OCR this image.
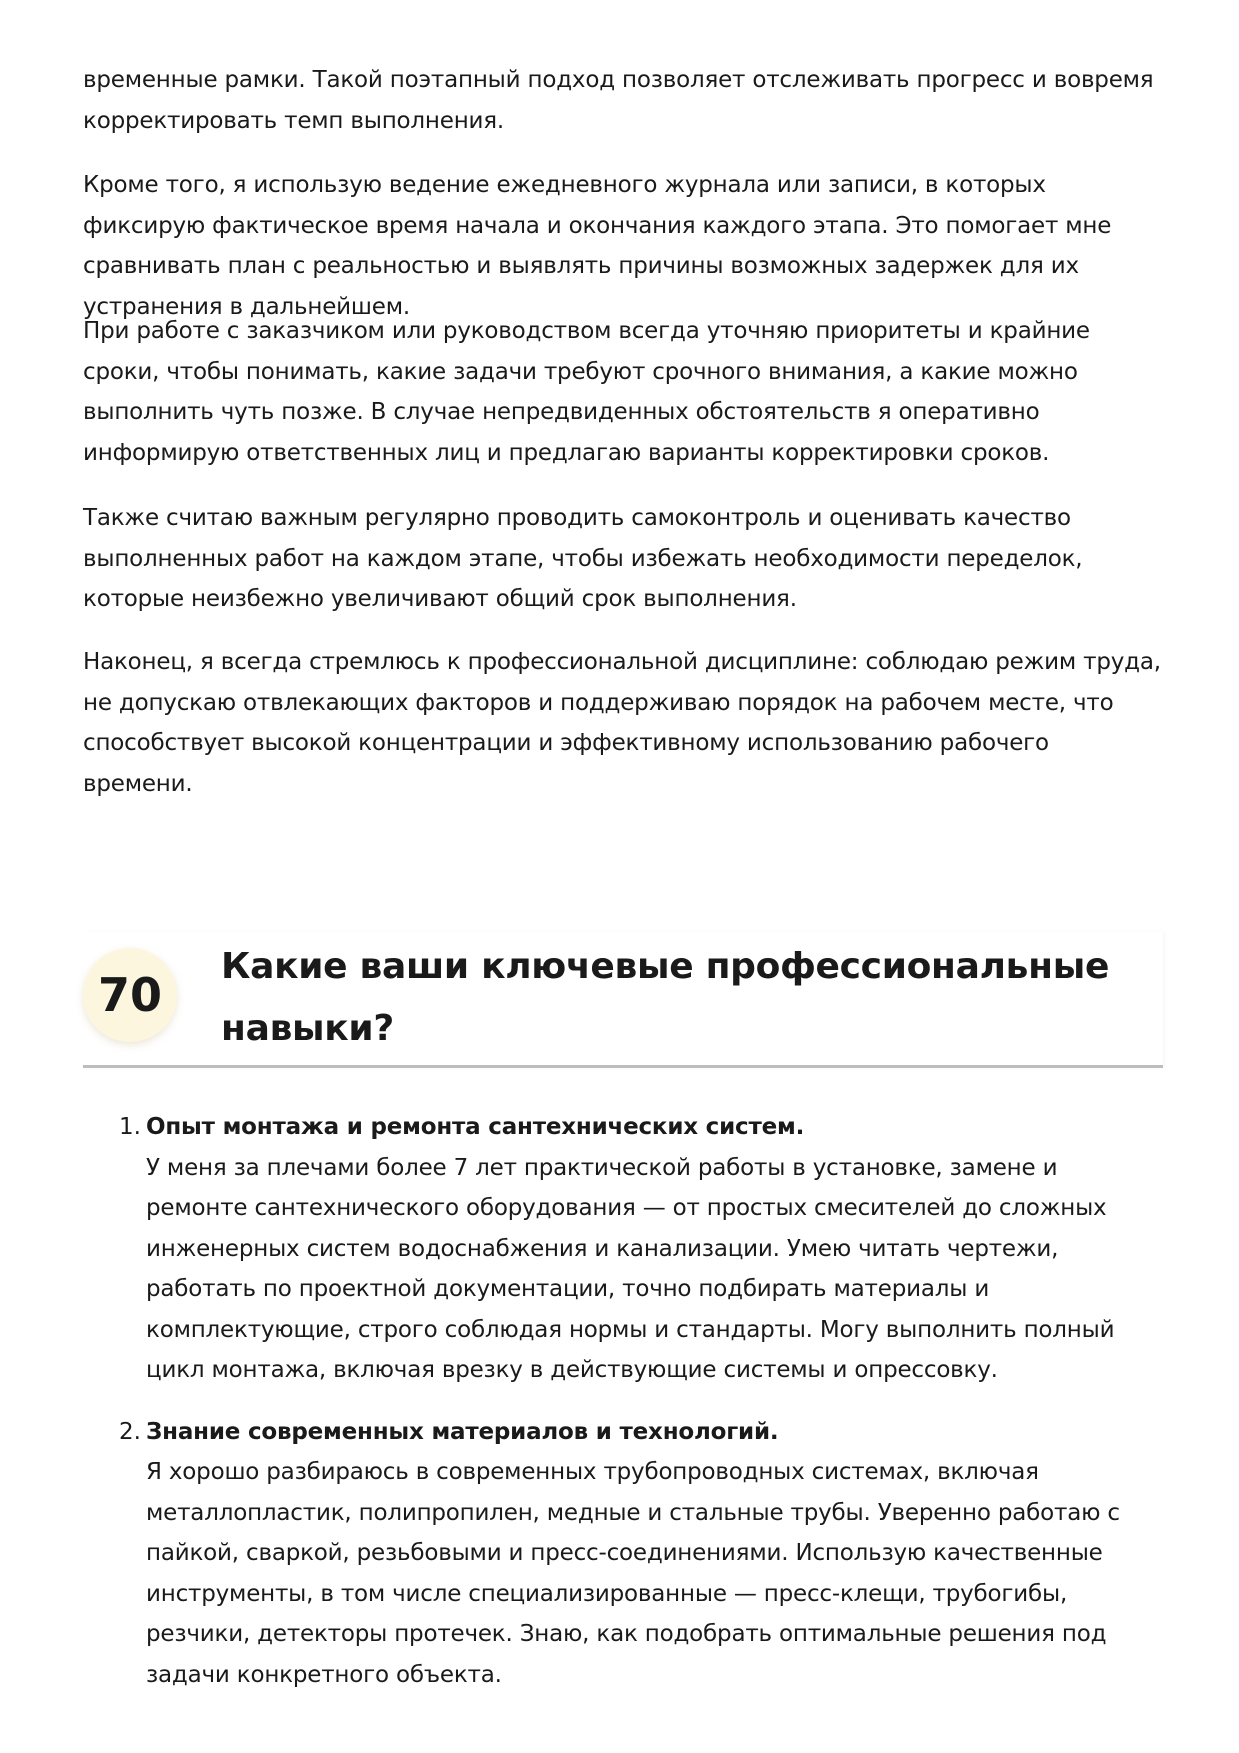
временные рамки. Такой поэтапный подход позволяет отслеживать прогресс и вовремя корректировать темп выполнения.

Кроме того, я использую ведение ежедневного журнала или записи, в которых фиксирую фактическое время начала и окончания каждого этапа. Это помогает мне сравнивать план с реальностью и выявлять причины возможных задержек для их устранения в дальнейшем.

При работе с заказчиком или руководством всегда уточняю приоритеты и крайние сроки, чтобы понимать, какие задачи требуют срочного внимания, а какие можно выполнить чуть позже. В случае непредвиденных обстоятельств я оперативно информирую ответственных лиц и предлагаю варианты корректировки сроков.

Также считаю важным регулярно проводить самоконтроль и оценивать качество выполненных работ на каждом этапе, чтобы избежать необходимости переделок, которые неизбежно увеличивают общий срок выполнения.

Наконец, я всегда стремлюсь к профессиональной дисциплине: соблюдаю режим труда, не допускаю отвлекающих факторов и поддерживаю порядок на рабочем месте, что способствует высокой концентрации и эффективному использованию рабочего времени.

70
Какие ваши ключевые профессиональные навыки?
1. Опыт монтажа и ремонта сантехнических систем.
У меня за плечами более 7 лет практической работы в установке, замене и ремонте сантехнического оборудования — от простых смесителей до сложных инженерных систем водоснабжения и канализации. Умею читать чертежи, работать по проектной документации, точно подбирать материалы и комплектующие, строго соблюдая нормы и стандарты. Могу выполнить полный цикл монтажа, включая врезку в действующие системы и опрессовку.
2. Знание современных материалов и технологий.
Я хорошо разбираюсь в современных трубопроводных системах, включая металлопластик, полипропилен, медные и стальные трубы. Уверенно работаю с пайкой, сваркой, резьбовыми и пресс-соединениями. Использую качественные инструменты, в том числе специализированные — пресс-клещи, трубогибы, резчики, детекторы протечек. Знаю, как подобрать оптимальные решения под задачи конкретного объекта.
